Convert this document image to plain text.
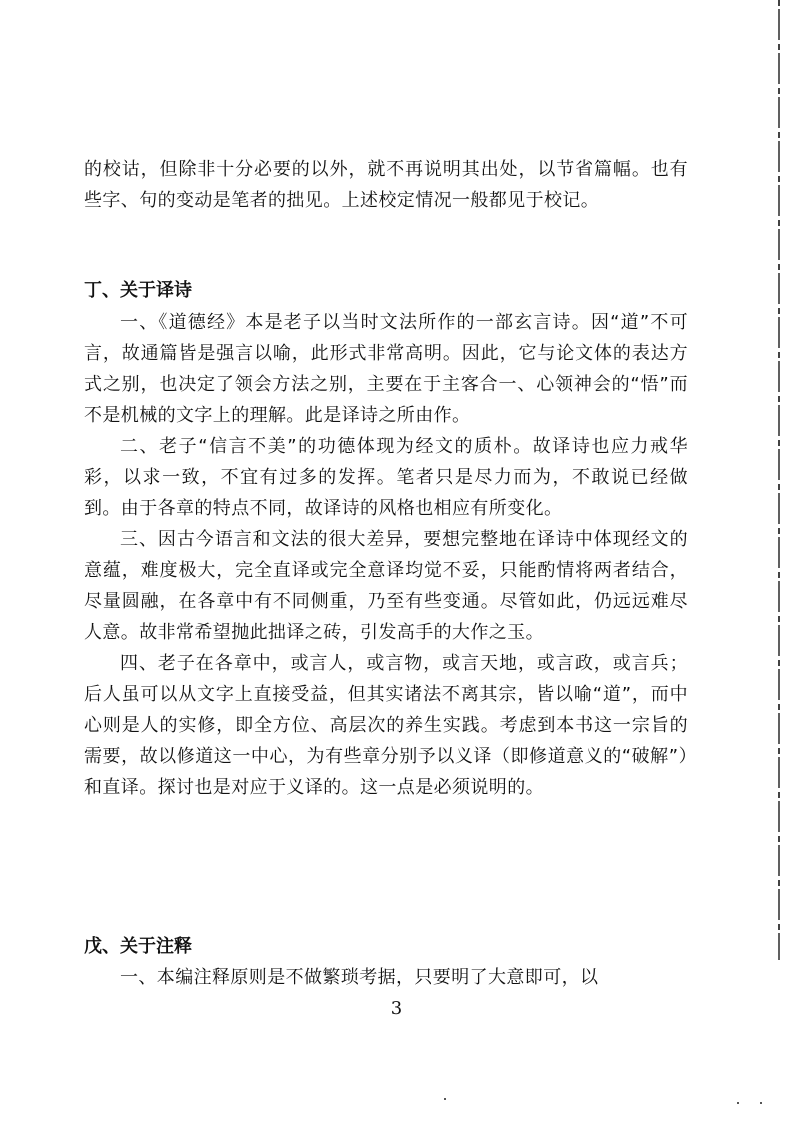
的校诂，但除非十分必要的以外，就不再说明其出处，以节省篇幅。也有些字、句的变动是笔者的拙见。上述校定情况一般都见于校记。

丁、关于译诗

一、《道德经》本是老子以当时文法所作的一部玄言诗。因“道”不可言，故通篇皆是强言以喻，此形式非常高明。因此，它与论文体的表达方式之别，也决定了领会方法之别，主要在于主客合一、心领神会的“悟”而不是机械的文字上的理解。此是译诗之所由作。

二、老子“信言不美”的功德体现为经文的质朴。故译诗也应力戒华彩，以求一致，不宜有过多的发挥。笔者只是尽力而为，不敢说已经做到。由于各章的特点不同，故译诗的风格也相应有所变化。

三、因古今语言和文法的很大差异，要想完整地在译诗中体现经文的意蕴，难度极大，完全直译或完全意译均觉不妥，只能酌情将两者结合，尽量圆融，在各章中有不同侧重，乃至有些变通。尽管如此，仍远远难尽人意。故非常希望抛此拙译之砖，引发高手的大作之玉。

四、老子在各章中，或言人，或言物，或言天地，或言政，或言兵；后人虽可以从文字上直接受益，但其实诸法不离其宗，皆以喻“道”，而中心则是人的实修，即全方位、高层次的养生实践。考虑到本书这一宗旨的需要，故以修道这一中心，为有些章分别予以义译（即修道意义的“破解”）和直译。探讨也是对应于义译的。这一点是必须说明的。

戊、关于注释

一、本编注释原则是不做繁琐考据，只要明了大意即可，以

3
